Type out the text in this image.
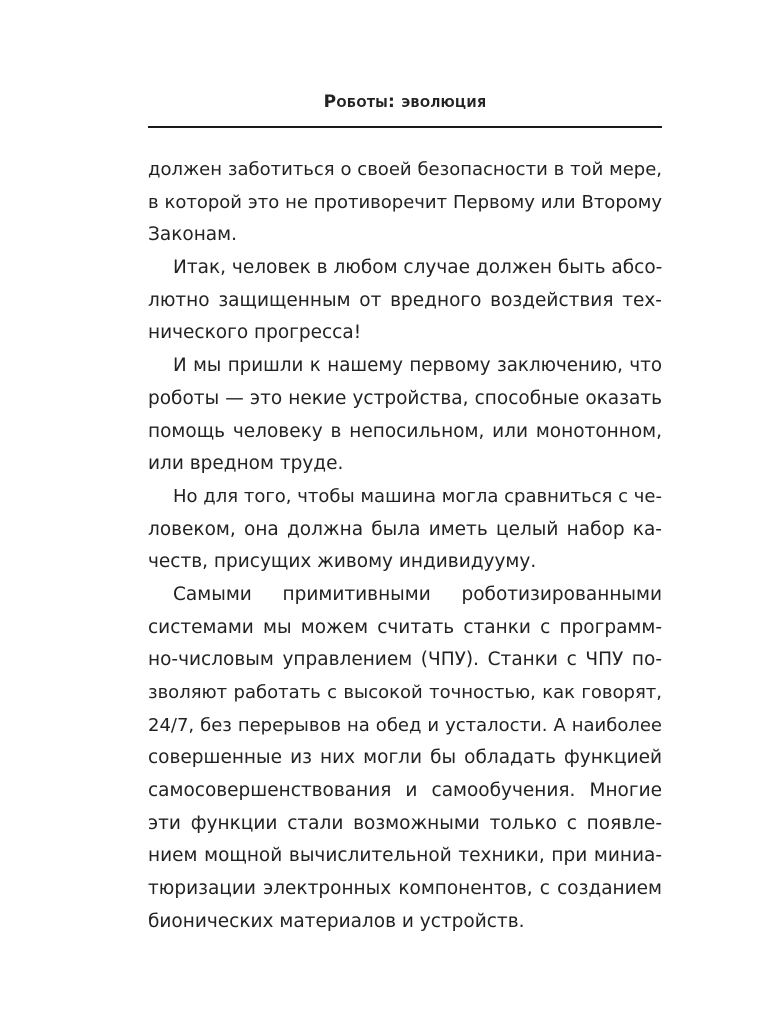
Роботы: эволюция
должен заботиться о своей безопасности в той мере,
в которой это не противоречит Первому или Второму
Законам.
Итак, человек в любом случае должен быть абсо-
лютно защищенным от вредного воздействия тех-
нического прогресса!
И мы пришли к нашему первому заключению, что
роботы — это некие устройства, способные оказать
помощь человеку в непосильном, или монотонном,
или вредном труде.
Но для того, чтобы машина могла сравниться с че-
ловеком, она должна была иметь целый набор ка-
честв, присущих живому индивидууму.
Самыми примитивными роботизированными
системами мы можем считать станки с программ-
но-числовым управлением (ЧПУ). Станки с ЧПУ по-
зволяют работать с высокой точностью, как говорят,
24/7, без перерывов на обед и усталости. А наиболее
совершенные из них могли бы обладать функцией
самосовершенствования и самообучения. Многие
эти функции стали возможными только с появле-
нием мощной вычислительной техники, при миниа-
тюризации электронных компонентов, с созданием
бионических материалов и устройств.
